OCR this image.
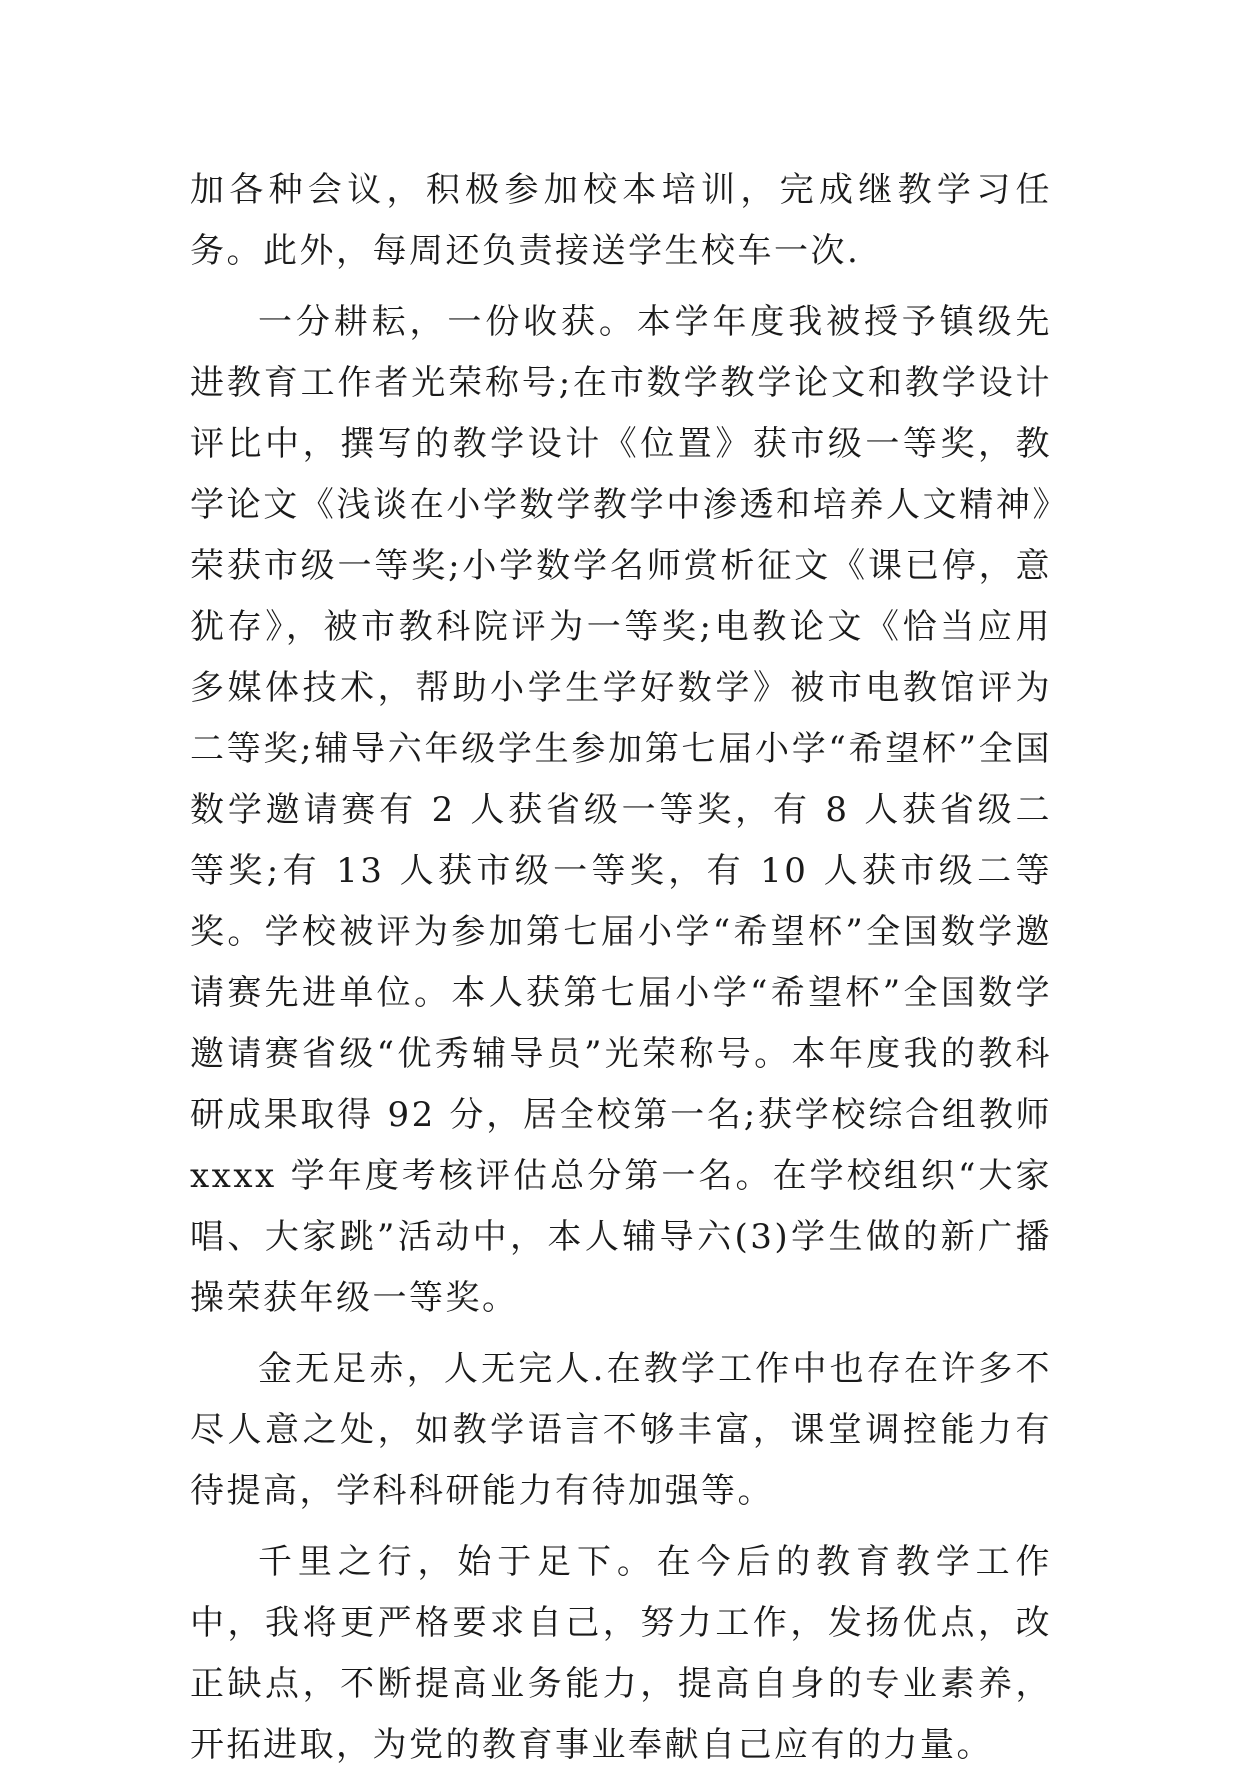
加各种会议，积极参加校本培训，完成继教学习任务。此外，每周还负责接送学生校车一次.

一分耕耘，一份收获。本学年度我被授予镇级先进教育工作者光荣称号;在市数学教学论文和教学设计评比中，撰写的教学设计《位置》获市级一等奖，教学论文《浅谈在小学数学教学中渗透和培养人文精神》荣获市级一等奖;小学数学名师赏析征文《课已停，意犹存》，被市教科院评为一等奖;电教论文《恰当应用多媒体技术，帮助小学生学好数学》被市电教馆评为二等奖;辅导六年级学生参加第七届小学“希望杯”全国数学邀请赛有 2 人获省级一等奖，有 8 人获省级二等奖;有 13 人获市级一等奖，有 10 人获市级二等奖。学校被评为参加第七届小学“希望杯”全国数学邀请赛先进单位。本人获第七届小学“希望杯”全国数学邀请赛省级“优秀辅导员”光荣称号。本年度我的教科研成果取得 92 分，居全校第一名;获学校综合组教师 xxxx 学年度考核评估总分第一名。在学校组织“大家唱、大家跳”活动中，本人辅导六(3)学生做的新广播操荣获年级一等奖。

金无足赤，人无完人.在教学工作中也存在许多不尽人意之处，如教学语言不够丰富，课堂调控能力有待提高，学科科研能力有待加强等。

千里之行，始于足下。在今后的教育教学工作中，我将更严格要求自己，努力工作，发扬优点，改正缺点，不断提高业务能力，提高自身的专业素养，开拓进取，为党的教育事业奉献自己应有的力量。
